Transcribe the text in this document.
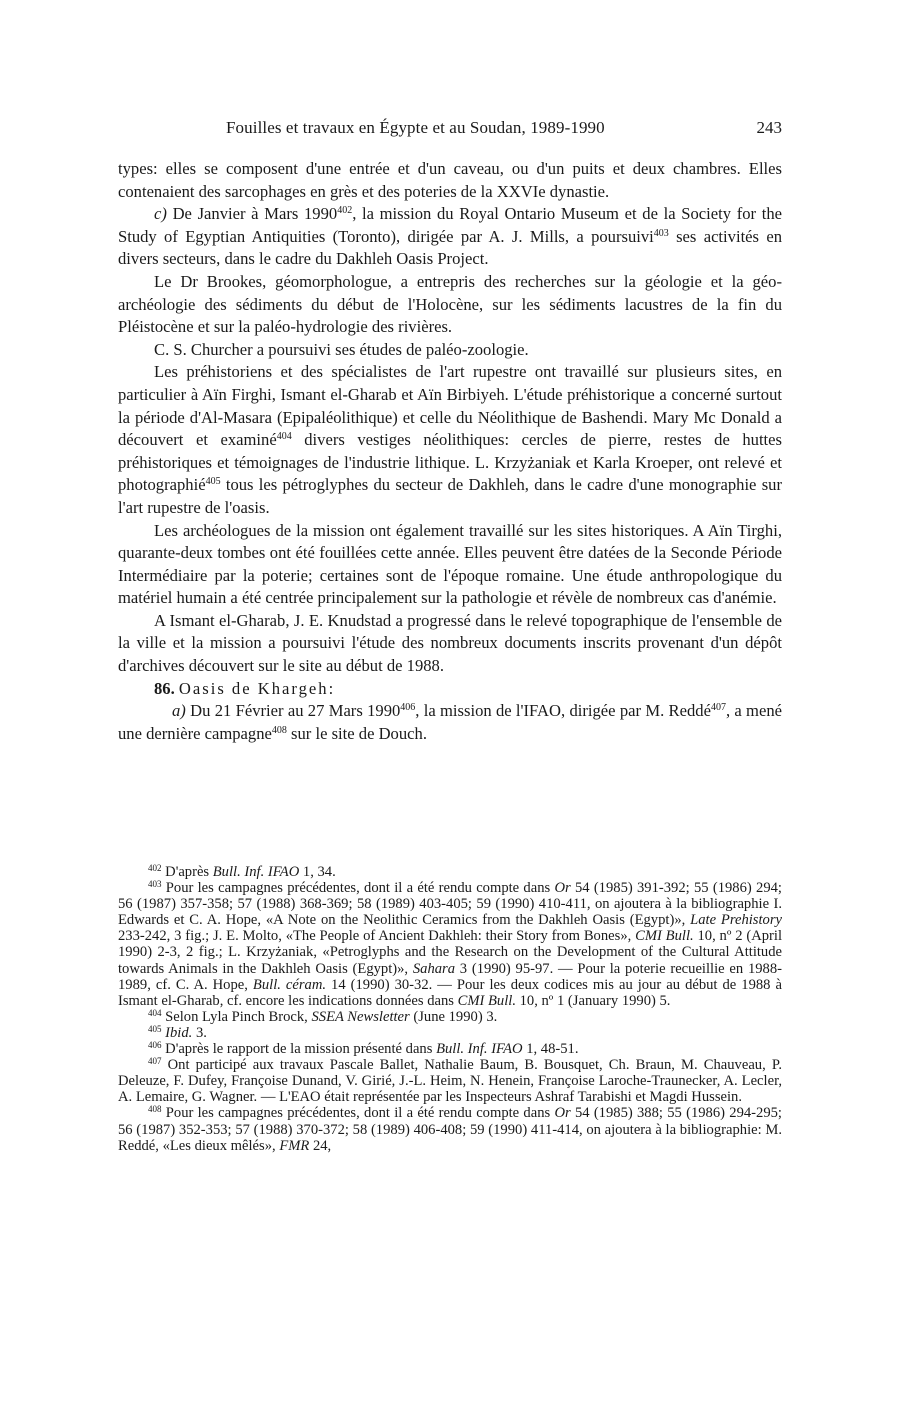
Fouilles et travaux en Égypte et au Soudan, 1989-1990	243

types: elles se composent d'une entrée et d'un caveau, ou d'un puits et deux chambres. Elles contenaient des sarcophages en grès et des poteries de la XXVIe dynastie.

c) De Janvier à Mars 1990$^{402}$, la mission du Royal Ontario Museum et de la Society for the Study of Egyptian Antiquities (Toronto), dirigée par A. J. Mills, a poursuivi$^{403}$ ses activités en divers secteurs, dans le cadre du Dakhleh Oasis Project.

Le Dr Brookes, géomorphologue, a entrepris des recherches sur la géologie et la géo-archéologie des sédiments du début de l'Holocène, sur les sédiments lacustres de la fin du Pléistocène et sur la paléo-hydrologie des rivières.

C. S. Churcher a poursuivi ses études de paléo-zoologie.

Les préhistoriens et des spécialistes de l'art rupestre ont travaillé sur plusieurs sites, en particulier à Aïn Firghi, Ismant el-Gharab et Aïn Birbiyeh. L'étude préhistorique a concerné surtout la période d'Al-Masara (Epipaléolithique) et celle du Néolithique de Bashendi. Mary Mc Donald a découvert et examiné$^{404}$ divers vestiges néolithiques: cercles de pierre, restes de huttes préhistoriques et témoignages de l'industrie lithique. L. Krzyżaniak et Karla Kroeper, ont relevé et photographié$^{405}$ tous les pétroglyphes du secteur de Dakhleh, dans le cadre d'une monographie sur l'art rupestre de l'oasis.

Les archéologues de la mission ont également travaillé sur les sites historiques. A Aïn Tirghi, quarante-deux tombes ont été fouillées cette année. Elles peuvent être datées de la Seconde Période Intermédiaire par la poterie; certaines sont de l'époque romaine. Une étude anthropologique du matériel humain a été centrée principalement sur la pathologie et révèle de nombreux cas d'anémie.

A Ismant el-Gharab, J. E. Knudstad a progressé dans le relevé topographique de l'ensemble de la ville et la mission a poursuivi l'étude des nombreux documents inscrits provenant d'un dépôt d'archives découvert sur le site au début de 1988.

86. Oasis de Khargeh:

a) Du 21 Février au 27 Mars 1990$^{406}$, la mission de l'IFAO, dirigée par M. Reddé$^{407}$, a mené une dernière campagne$^{408}$ sur le site de Douch.

$^{402}$ D'après Bull. Inf. IFAO 1, 34.

$^{403}$ Pour les campagnes précédentes, dont il a été rendu compte dans Or 54 (1985) 391-392; 55 (1986) 294; 56 (1987) 357-358; 57 (1988) 368-369; 58 (1989) 403-405; 59 (1990) 410-411, on ajoutera à la bibliographie I. Edwards et C. A. Hope, «A Note on the Neolithic Ceramics from the Dakhleh Oasis (Egypt)», Late Prehistory 233-242, 3 fig.; J. E. Molto, «The People of Ancient Dakhleh: their Story from Bones», CMI Bull. 10, nº 2 (April 1990) 2-3, 2 fig.; L. Krzyżaniak, «Petroglyphs and the Research on the Development of the Cultural Attitude towards Animals in the Dakhleh Oasis (Egypt)», Sahara 3 (1990) 95-97. — Pour la poterie recueillie en 1988-1989, cf. C. A. Hope, Bull. céram. 14 (1990) 30-32. — Pour les deux codices mis au jour au début de 1988 à Ismant el-Gharab, cf. encore les indications données dans CMI Bull. 10, nº 1 (January 1990) 5.

$^{404}$ Selon Lyla Pinch Brock, SSEA Newsletter (June 1990) 3.

$^{405}$ Ibid. 3.

$^{406}$ D'après le rapport de la mission présenté dans Bull. Inf. IFAO 1, 48-51.

$^{407}$ Ont participé aux travaux Pascale Ballet, Nathalie Baum, B. Bousquet, Ch. Braun, M. Chauveau, P. Deleuze, F. Dufey, Françoise Dunand, V. Girié, J.-L. Heim, N. Henein, Françoise Laroche-Traunecker, A. Lecler, A. Lemaire, G. Wagner. — L'EAO était représentée par les Inspecteurs Ashraf Tarabishi et Magdi Hussein.

$^{408}$ Pour les campagnes précédentes, dont il a été rendu compte dans Or 54 (1985) 388; 55 (1986) 294-295; 56 (1987) 352-353; 57 (1988) 370-372; 58 (1989) 406-408; 59 (1990) 411-414, on ajoutera à la bibliographie: M. Reddé, «Les dieux mêlés», FMR 24,
